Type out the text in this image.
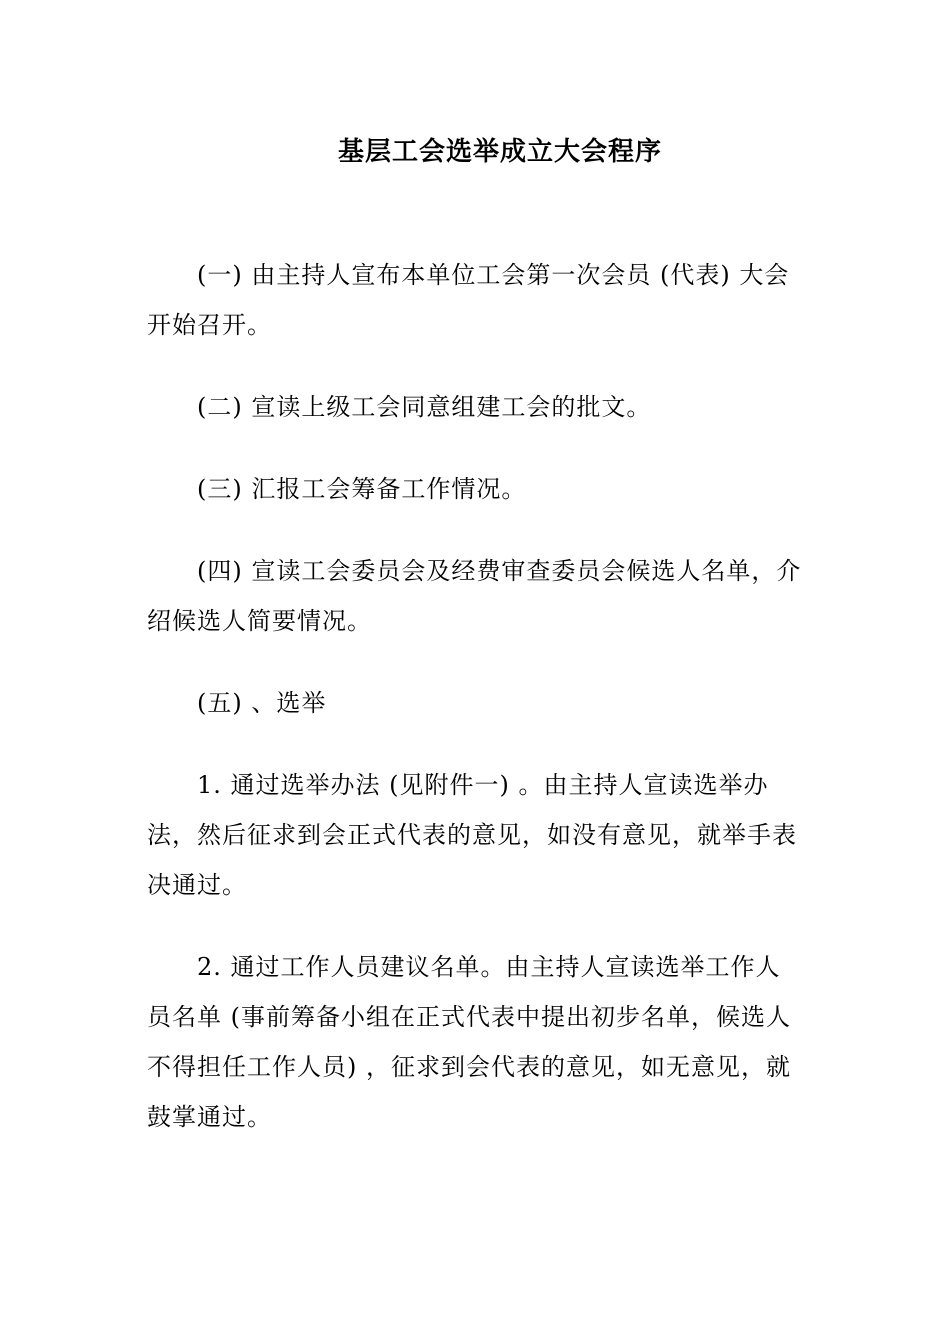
基层工会选举成立大会程序

(一) 由主持人宣布本单位工会第一次会员 (代表) 大会开始召开。

(二) 宣读上级工会同意组建工会的批文。

(三) 汇报工会筹备工作情况。

(四) 宣读工会委员会及经费审查委员会候选人名单，介绍候选人简要情况。

(五) 、选举

1. 通过选举办法 (见附件一) 。由主持人宣读选举办法，然后征求到会正式代表的意见，如没有意见，就举手表决通过。

2. 通过工作人员建议名单。由主持人宣读选举工作人员名单 (事前筹备小组在正式代表中提出初步名单，候选人不得担任工作人员) ，征求到会代表的意见，如无意见，就鼓掌通过。
